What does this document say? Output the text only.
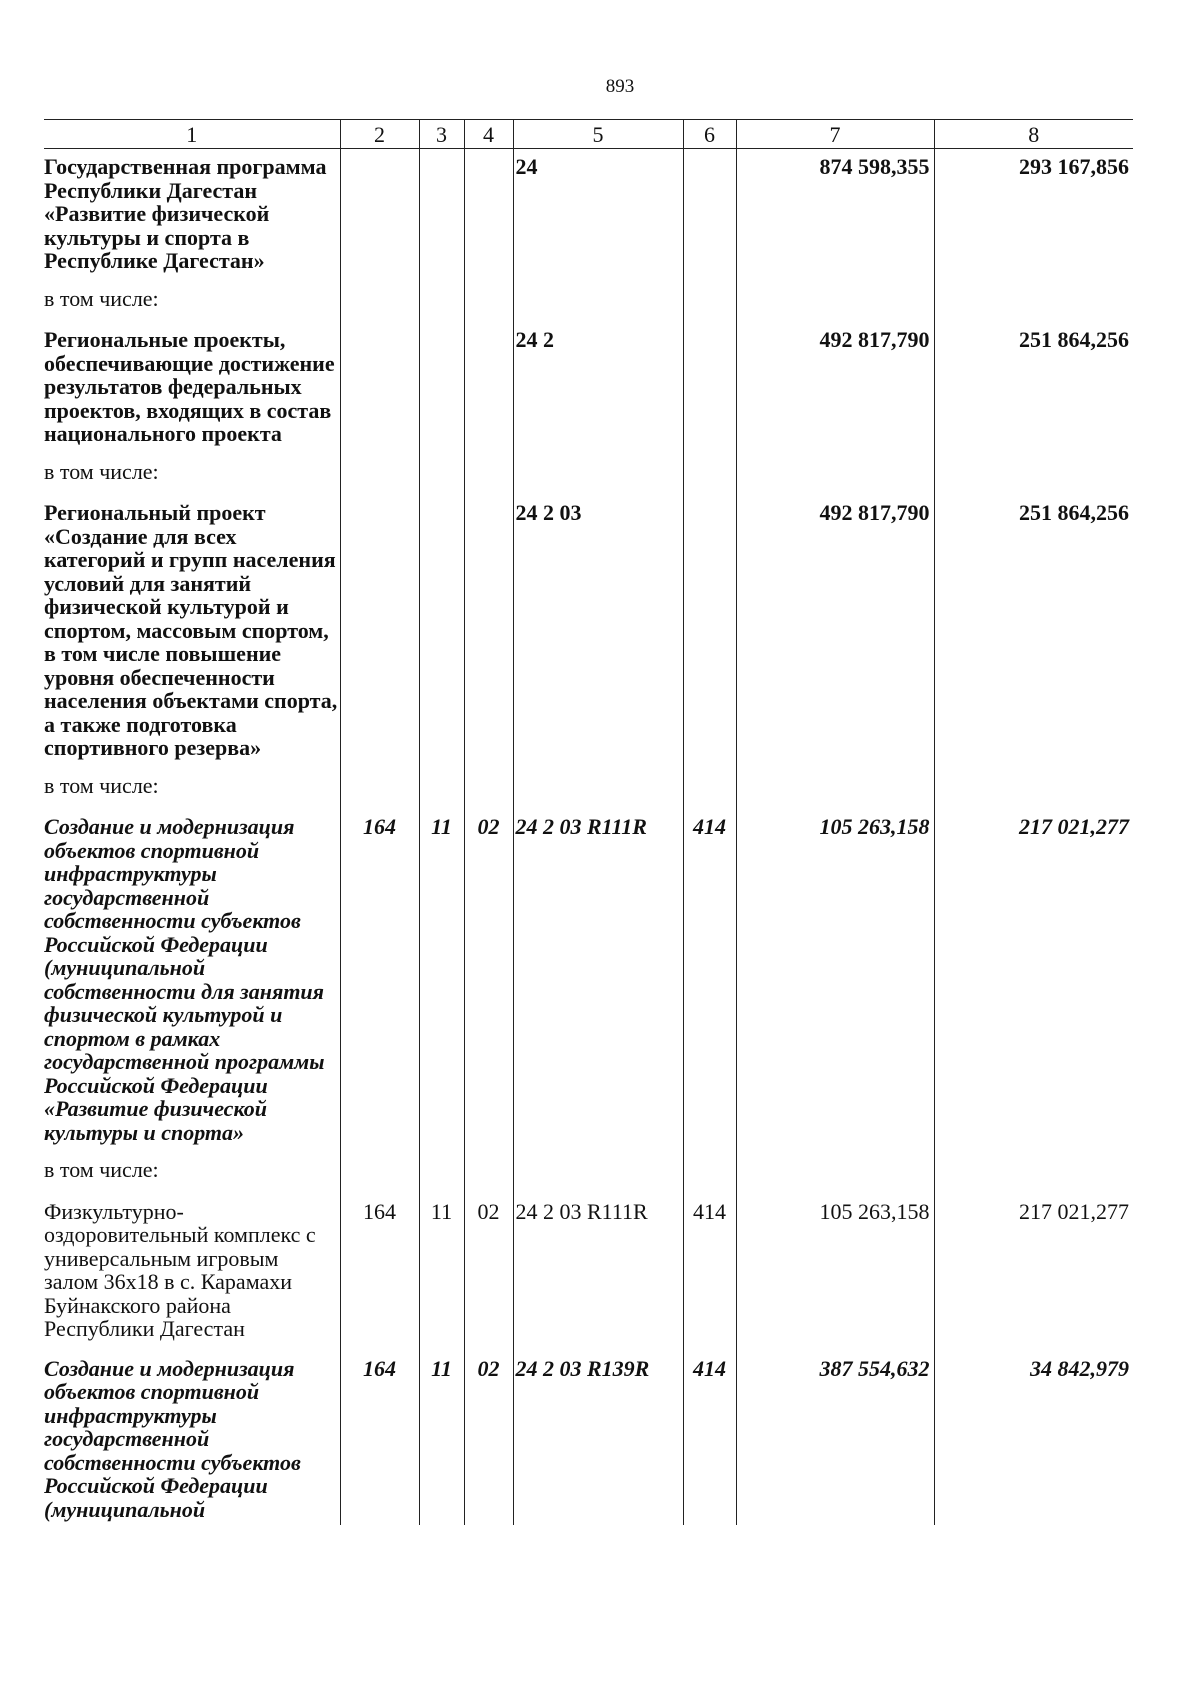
893
1	2	3	4	5	6	7	8
Государственная программа Республики Дагестан «Развитие физической культуры и спорта в Республике Дагестан»				24		874 598,355	293 167,856
в том числе:							
Региональные проекты, обеспечивающие достижение результатов федеральных проектов, входящих в состав национального проекта				24 2		492 817,790	251 864,256
в том числе:							
Региональный проект «Создание для всех категорий и групп населения условий для занятий физической культурой и спортом, массовым спортом, в том числе повышение уровня обеспеченности населения объектами спорта, а также подготовка спортивного резерва»				24 2 03		492 817,790	251 864,256
в том числе:							
Создание и модернизация объектов спортивной инфраструктуры государственной собственности субъектов Российской Федерации (муниципальной собственности для занятия физической культурой и спортом в рамках государственной программы Российской Федерации «Развитие физической культуры и спорта»	164	11	02	24 2 03 R111R	414	105 263,158	217 021,277
в том числе:							
Физкультурно-оздоровительный комплекс с универсальным игровым залом 36х18 в с. Карамахи Буйнакского района Республики Дагестан	164	11	02	24 2 03 R111R	414	105 263,158	217 021,277
Создание и модернизация объектов спортивной инфраструктуры государственной собственности субъектов Российской Федерации (муниципальной	164	11	02	24 2 03 R139R	414	387 554,632	34 842,979
